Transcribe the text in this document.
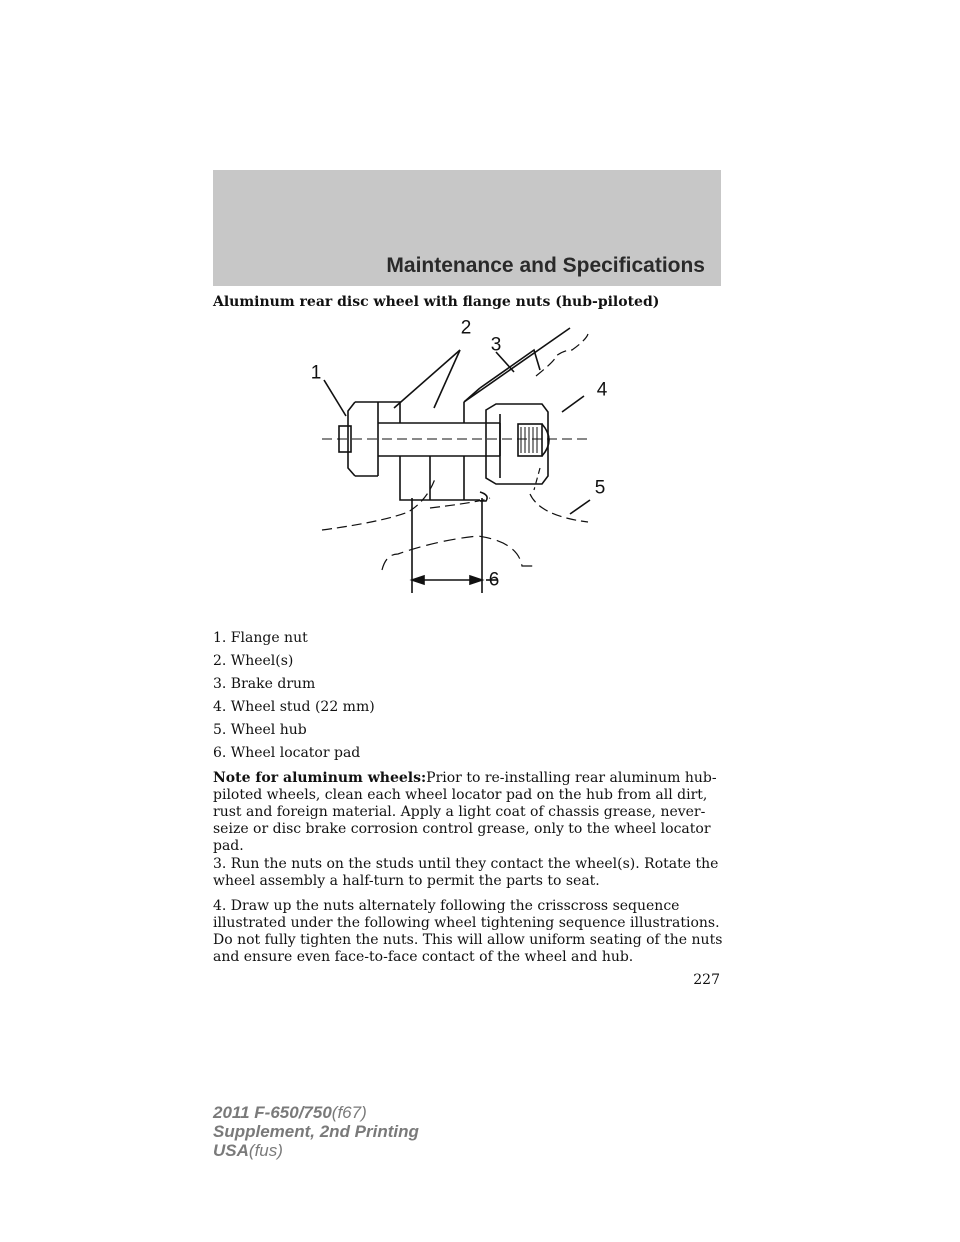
Maintenance and Specifications
Aluminum rear disc wheel with flange nuts (hub-piloted)
1
2
3
4
5
6
1. Flange nut
2. Wheel(s)
3. Brake drum
4. Wheel stud (22 mm)
5. Wheel hub
6. Wheel locator pad

Note for aluminum wheels:Prior to re-installing rear aluminum hub-piloted wheels, clean each wheel locator pad on the hub from all dirt, rust and foreign material. Apply a light coat of chassis grease, never-seize or disc brake corrosion control grease, only to the wheel locator pad.

3. Run the nuts on the studs until they contact the wheel(s). Rotate the wheel assembly a half-turn to permit the parts to seat.

4. Draw up the nuts alternately following the crisscross sequence illustrated under the following wheel tightening sequence illustrations. Do not fully tighten the nuts. This will allow uniform seating of the nuts and ensure even face-to-face contact of the wheel and hub.

227
2011 F-650/750(f67)
Supplement, 2nd Printing
USA(fus)
